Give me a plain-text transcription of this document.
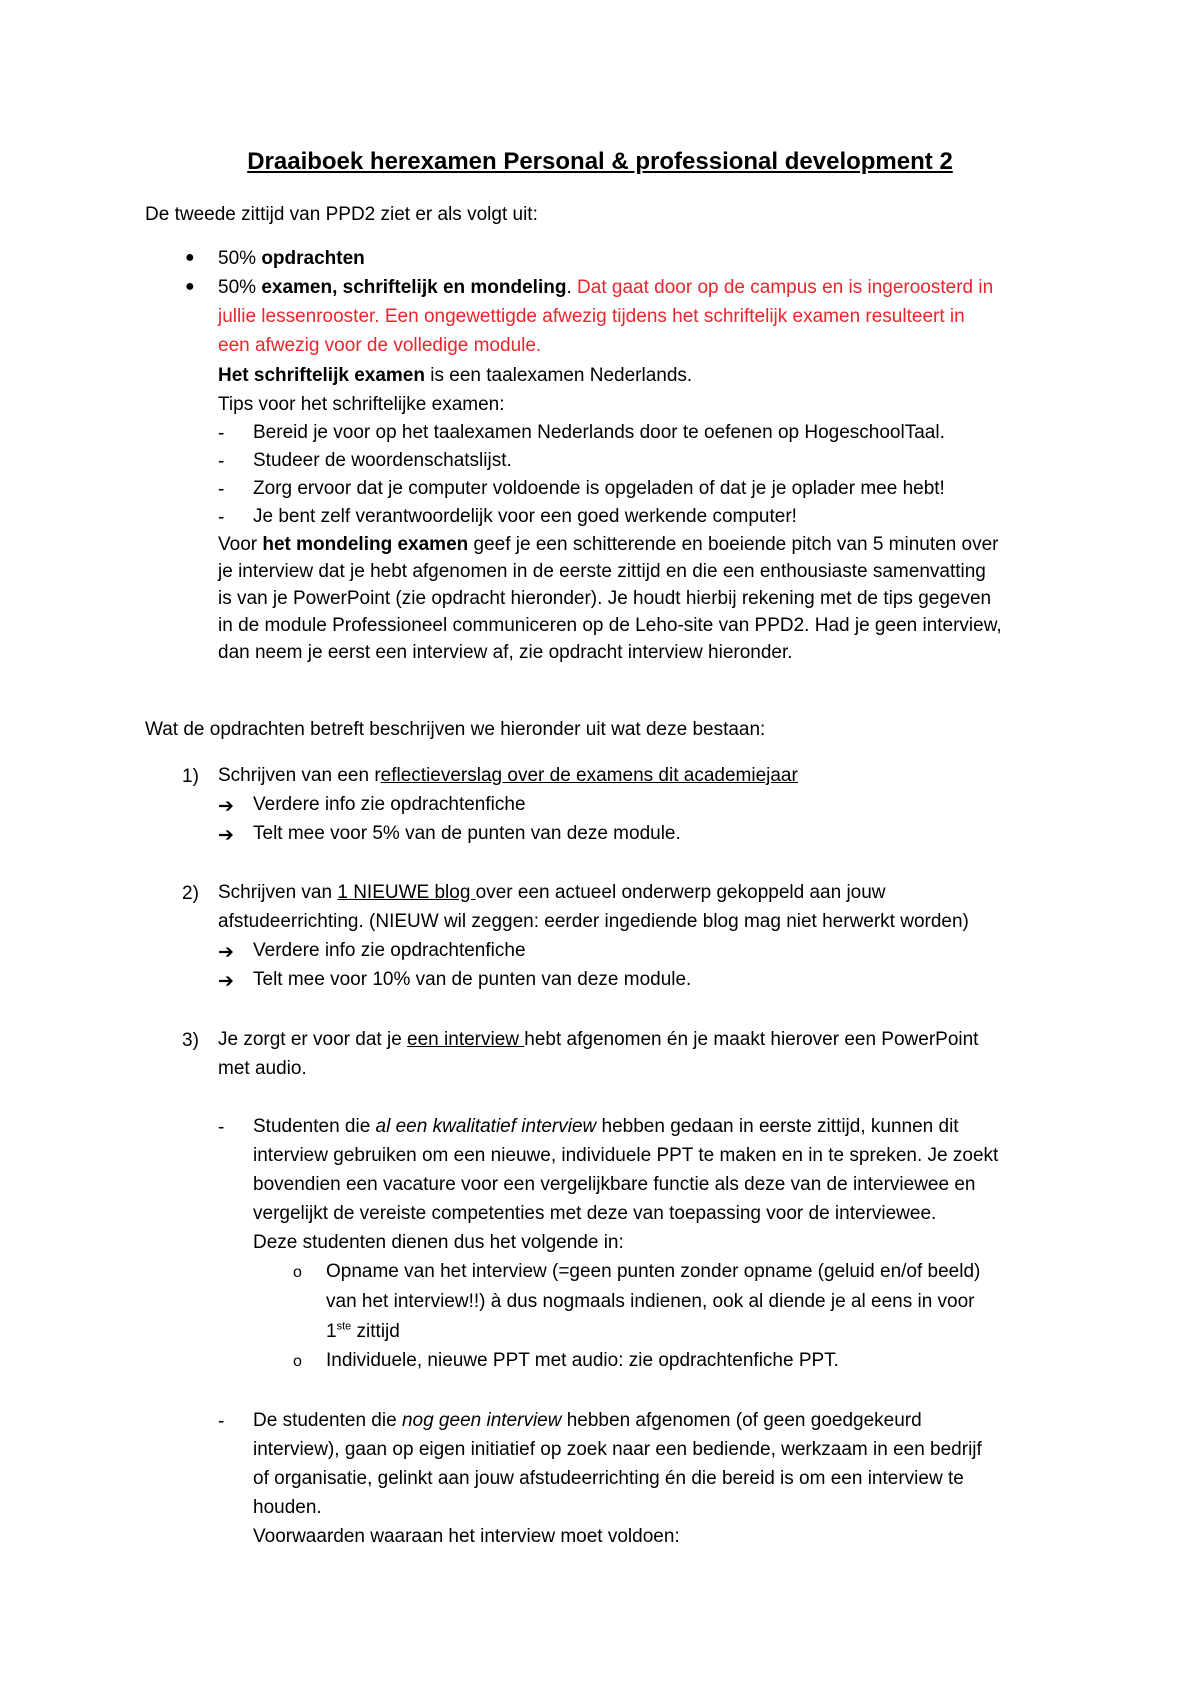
Draaiboek herexamen Personal & professional development 2
De tweede zittijd van PPD2 ziet er als volgt uit:
● 50% opdrachten
● 50% examen, schriftelijk en mondeling. Dat gaat door op de campus en is ingeroosterd in
jullie lessenrooster. Een ongewettigde afwezig tijdens het schriftelijk examen resulteert in
een afwezig voor de volledige module.
Het schriftelijk examen is een taalexamen Nederlands.
Tips voor het schriftelijke examen:
- Bereid je voor op het taalexamen Nederlands door te oefenen op HogeschoolTaal.
- Studeer de woordenschatslijst.
- Zorg ervoor dat je computer voldoende is opgeladen of dat je je oplader mee hebt!
- Je bent zelf verantwoordelijk voor een goed werkende computer!
Voor het mondeling examen geef je een schitterende en boeiende pitch van 5 minuten over
je interview dat je hebt afgenomen in de eerste zittijd en die een enthousiaste samenvatting
is van je PowerPoint (zie opdracht hieronder). Je houdt hierbij rekening met de tips gegeven
in de module Professioneel communiceren op de Leho-site van PPD2. Had je geen interview,
dan neem je eerst een interview af, zie opdracht interview hieronder.
Wat de opdrachten betreft beschrijven we hieronder uit wat deze bestaan:
1) Schrijven van een reflectieverslag over de examens dit academiejaar
➔ Verdere info zie opdrachtenfiche
➔ Telt mee voor 5% van de punten van deze module.
2) Schrijven van 1 NIEUWE blog over een actueel onderwerp gekoppeld aan jouw
afstudeerrichting. (NIEUW wil zeggen: eerder ingediende blog mag niet herwerkt worden)
➔ Verdere info zie opdrachtenfiche
➔ Telt mee voor 10% van de punten van deze module.
3) Je zorgt er voor dat je een interview hebt afgenomen én je maakt hierover een PowerPoint
met audio.
- Studenten die al een kwalitatief interview hebben gedaan in eerste zittijd, kunnen dit
interview gebruiken om een nieuwe, individuele PPT te maken en in te spreken. Je zoekt
bovendien een vacature voor een vergelijkbare functie als deze van de interviewee en
vergelijkt de vereiste competenties met deze van toepassing voor de interviewee.
Deze studenten dienen dus het volgende in:
o Opname van het interview (=geen punten zonder opname (geluid en/of beeld)
van het interview!!) à dus nogmaals indienen, ook al diende je al eens in voor
1ste zittijd
o Individuele, nieuwe PPT met audio: zie opdrachtenfiche PPT.
- De studenten die nog geen interview hebben afgenomen (of geen goedgekeurd
interview), gaan op eigen initiatief op zoek naar een bediende, werkzaam in een bedrijf
of organisatie, gelinkt aan jouw afstudeerrichting én die bereid is om een interview te
houden.
Voorwaarden waaraan het interview moet voldoen:
